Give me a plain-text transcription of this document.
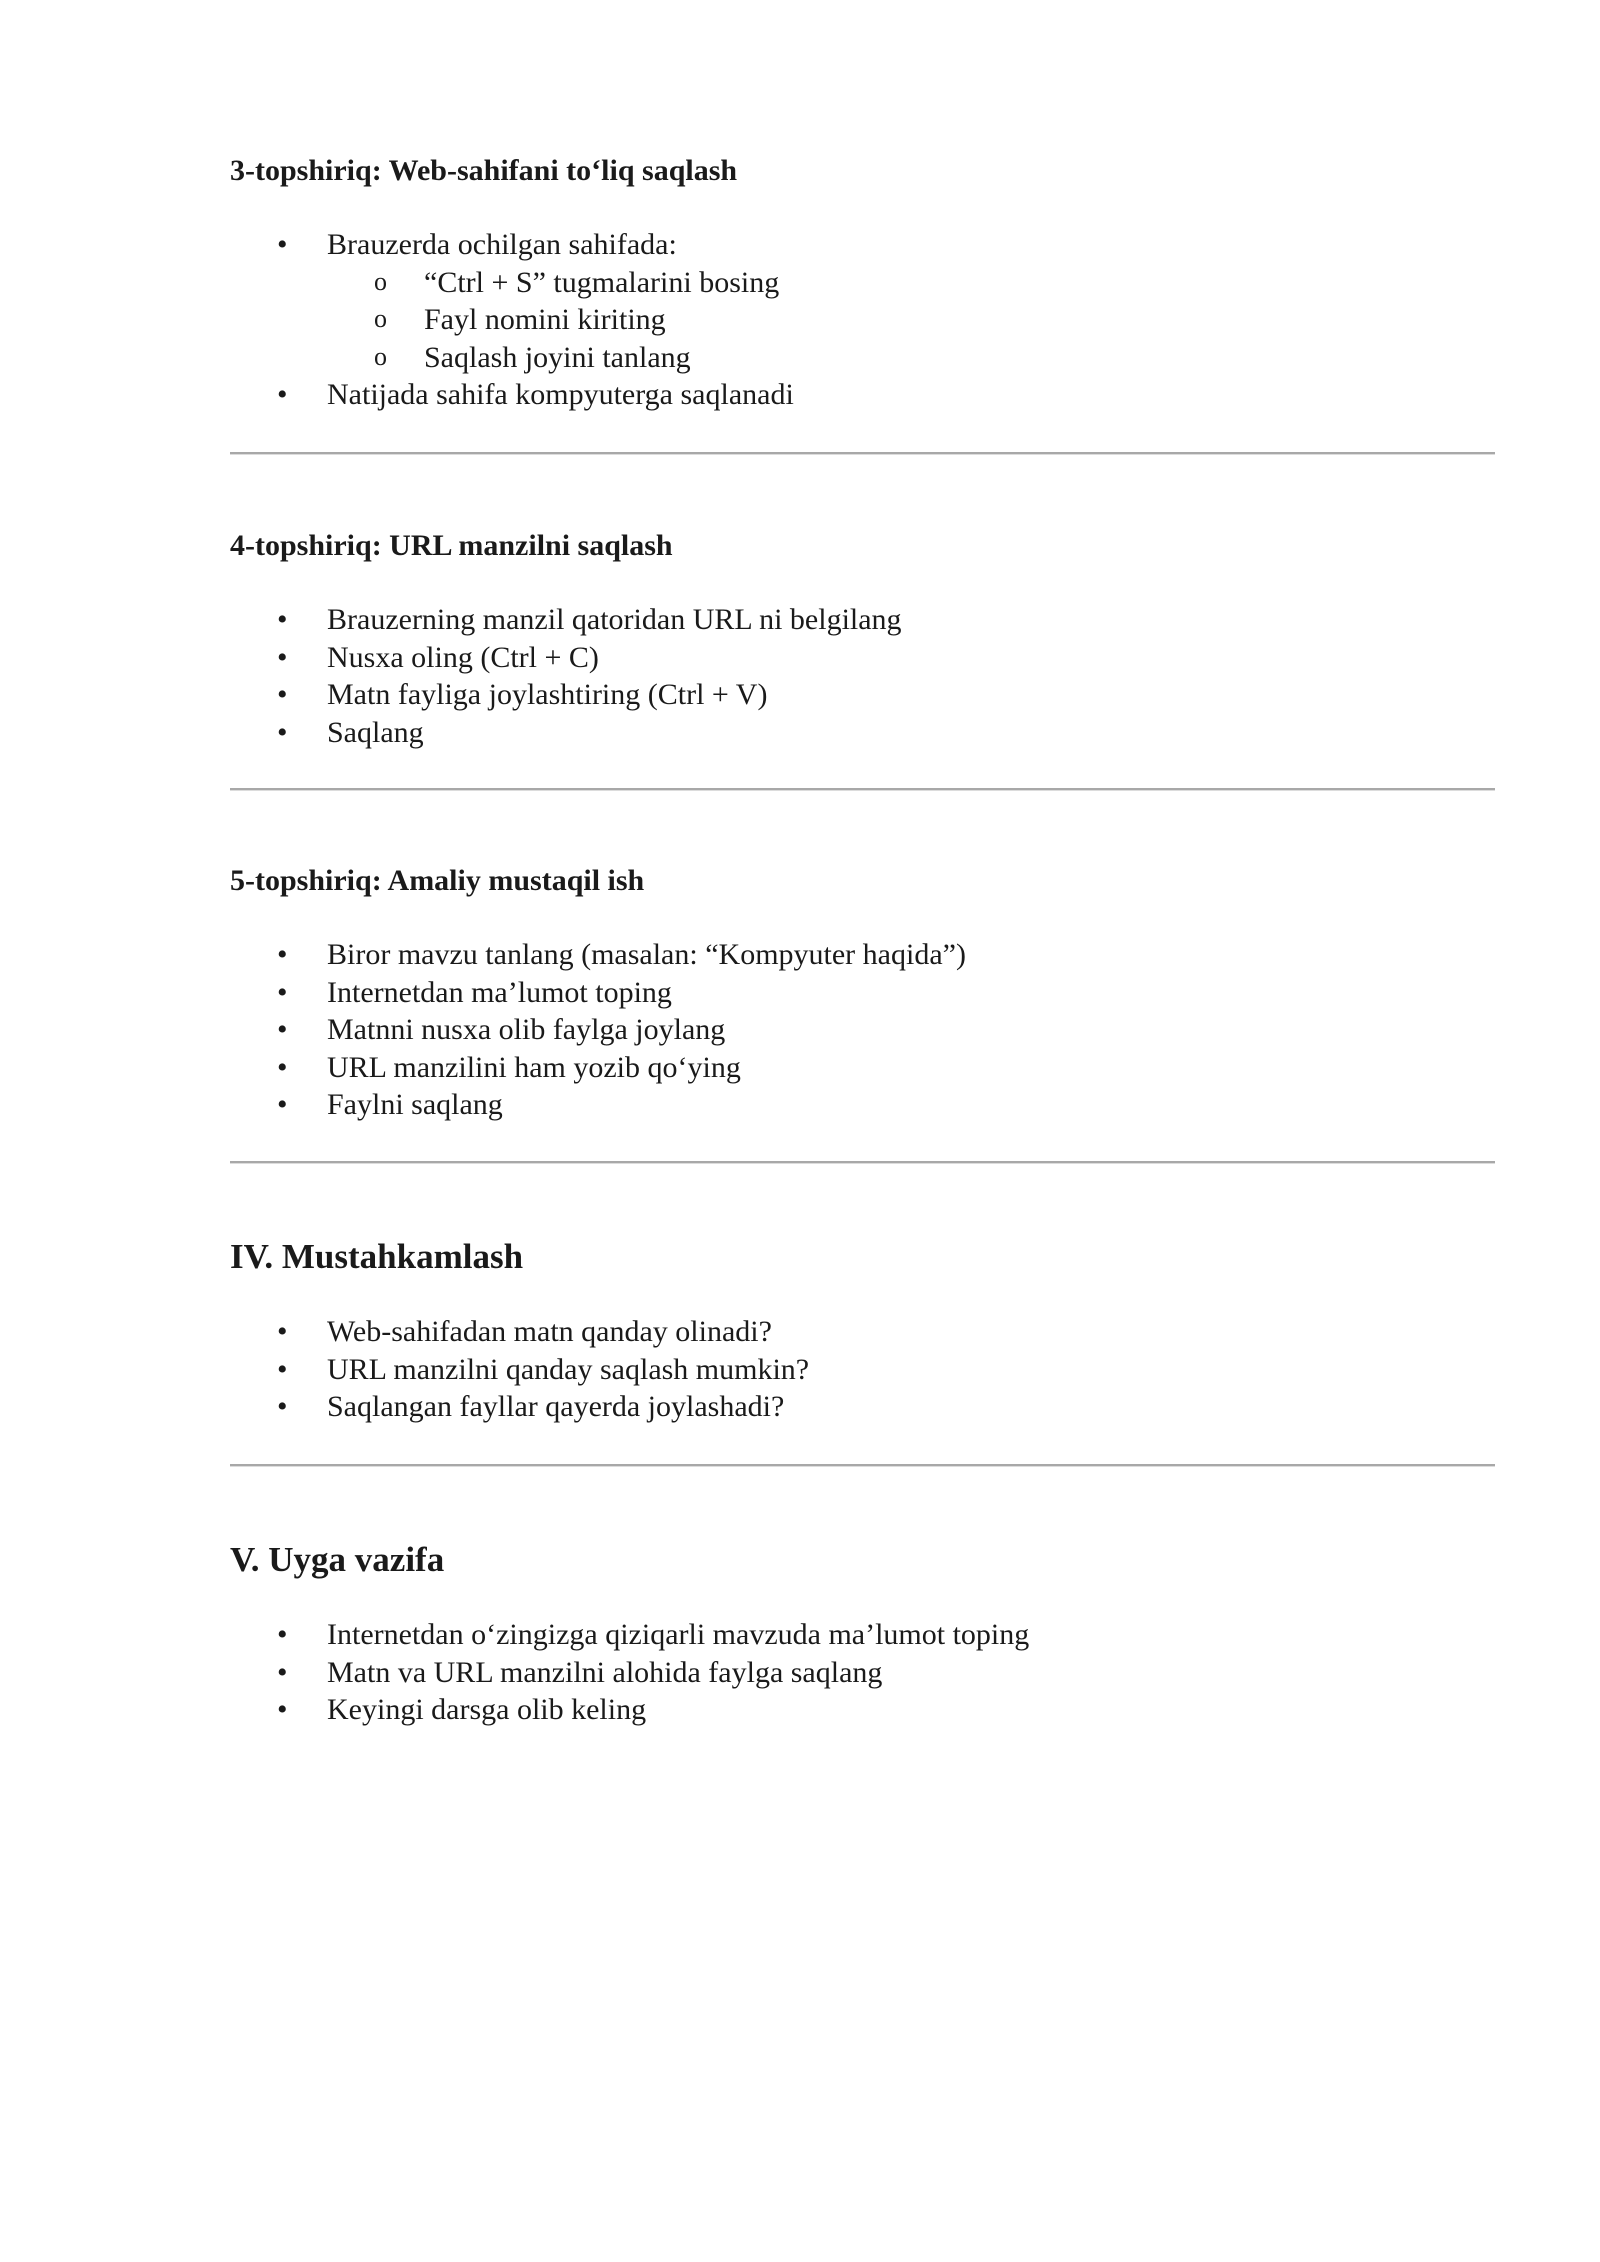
3-topshiriq: Web-sahifani to‘liq saqlash
• Brauzerda ochilgan sahifada:
o “Ctrl + S” tugmalarini bosing
o Fayl nomini kiriting
o Saqlash joyini tanlang
• Natijada sahifa kompyuterga saqlanadi
4-topshiriq: URL manzilni saqlash
• Brauzerning manzil qatoridan URL ni belgilang
• Nusxa oling (Ctrl + C)
• Matn fayliga joylashtiring (Ctrl + V)
• Saqlang
5-topshiriq: Amaliy mustaqil ish
• Biror mavzu tanlang (masalan: “Kompyuter haqida”)
• Internetdan ma’lumot toping
• Matnni nusxa olib faylga joylang
• URL manzilini ham yozib qo‘ying
• Faylni saqlang
IV. Mustahkamlash
• Web-sahifadan matn qanday olinadi?
• URL manzilni qanday saqlash mumkin?
• Saqlangan fayllar qayerda joylashadi?
V. Uyga vazifa
• Internetdan o‘zingizga qiziqarli mavzuda ma’lumot toping
• Matn va URL manzilni alohida faylga saqlang
• Keyingi darsga olib keling
